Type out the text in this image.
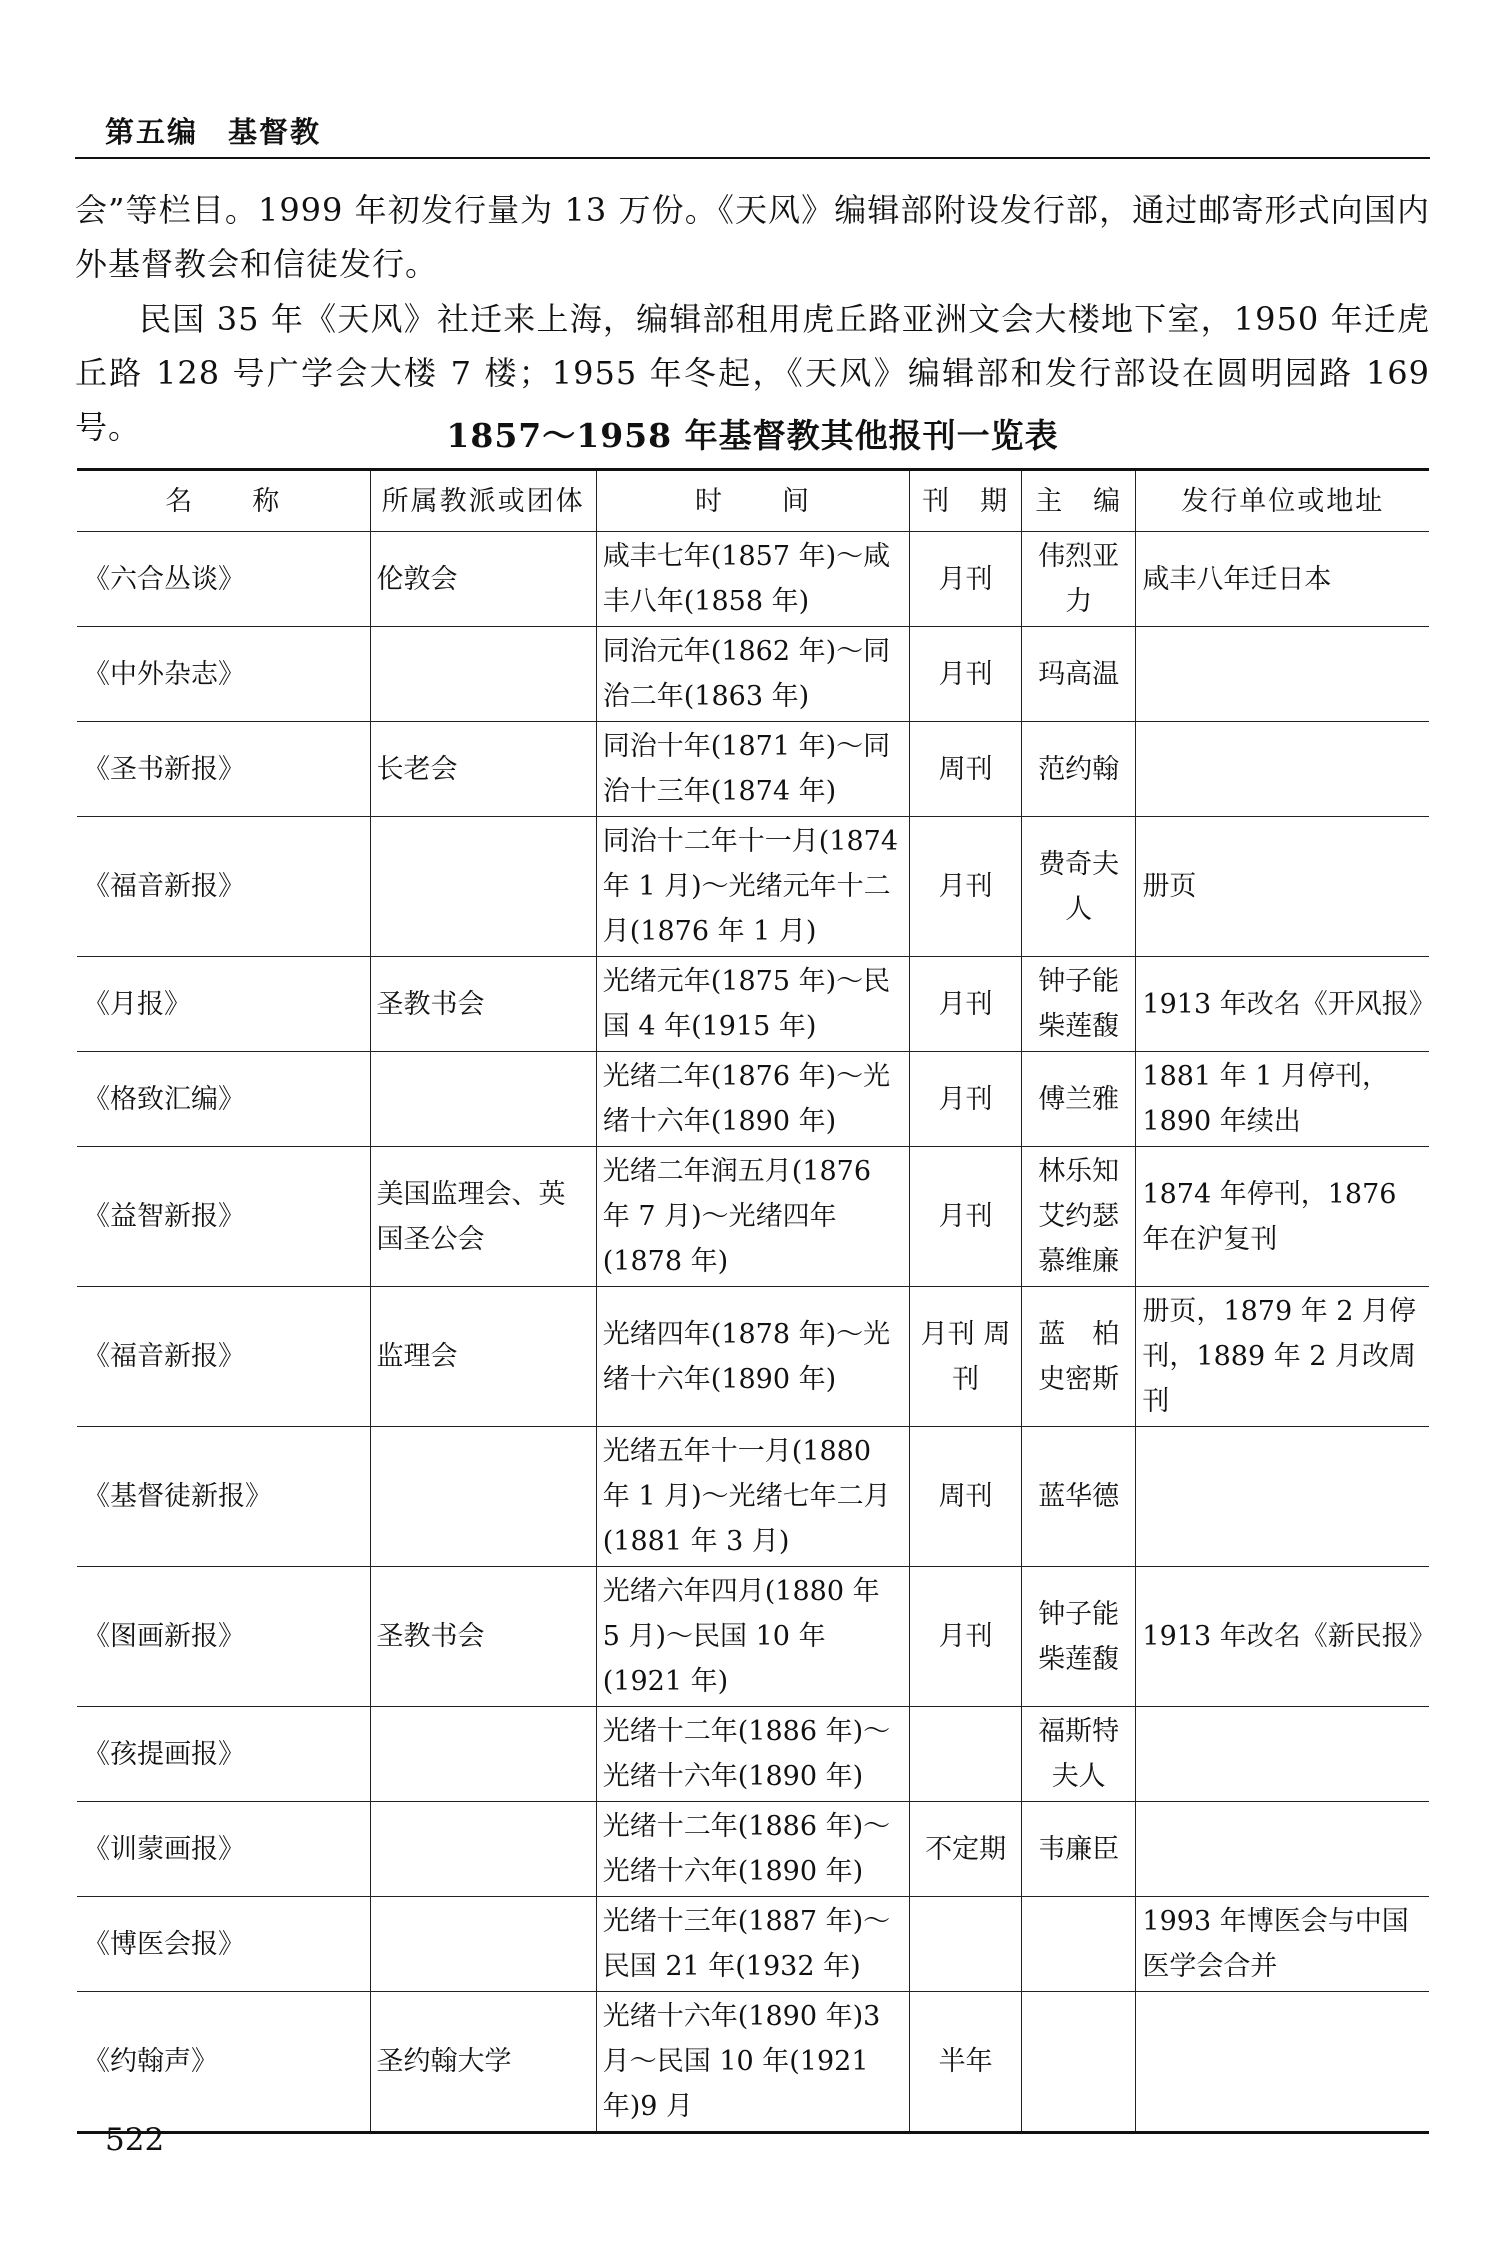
第五编 基督教

会”等栏目。1999 年初发行量为 13 万份。《天风》编辑部附设发行部，通过邮寄形式向国内外基督教会和信徒发行。

民国 35 年《天风》社迁来上海，编辑部租用虎丘路亚洲文会大楼地下室，1950 年迁虎丘路 128 号广学会大楼 7 楼；1955 年冬起，《天风》编辑部和发行部设在圆明园路 169 号。	1857～1958 年基督教其他报刊一览表
名　　称	所属教派或团体	时　　间	刊　期	主　编	发行单位或地址
《六合丛谈》	伦敦会	咸丰七年(1857 年)～咸丰八年(1858 年)	月刊	伟烈亚力	咸丰八年迁日本
《中外杂志》		同治元年(1862 年)～同治二年(1863 年)	月刊	玛高温	
《圣书新报》	长老会	同治十年(1871 年)～同治十三年(1874 年)	周刊	范约翰	
《福音新报》		同治十二年十一月(1874 年 1 月)～光绪元年十二月(1876 年 1 月)	月刊	费奇夫人	册页
《月报》	圣教书会	光绪元年(1875 年)～民国 4 年(1915 年)	月刊	钟子能 柴莲馥	1913 年改名《开风报》
《格致汇编》		光绪二年(1876 年)～光绪十六年(1890 年)	月刊	傅兰雅	1881 年 1 月停刊，1890 年续出
《益智新报》	美国监理会、英国圣公会	光绪二年润五月(1876 年 7 月)～光绪四年(1878 年)	月刊	林乐知 艾约瑟 慕维廉	1874 年停刊，1876 年在沪复刊
《福音新报》	监理会	光绪四年(1878 年)～光绪十六年(1890 年)	月刊 周刊	蓝　柏 史密斯	册页，1879 年 2 月停刊，1889 年 2 月改周刊
《基督徒新报》		光绪五年十一月(1880 年 1 月)～光绪七年二月(1881 年 3 月)	周刊	蓝华德	
《图画新报》	圣教书会	光绪六年四月(1880 年 5 月)～民国 10 年(1921 年)	月刊	钟子能 柴莲馥	1913 年改名《新民报》
《孩提画报》		光绪十二年(1886 年)～光绪十六年(1890 年)		福斯特夫人	
《训蒙画报》		光绪十二年(1886 年)～光绪十六年(1890 年)	不定期	韦廉臣	
《博医会报》		光绪十三年(1887 年)～民国 21 年(1932 年)			1993 年博医会与中国医学会合并
《约翰声》	圣约翰大学	光绪十六年(1890 年)3 月～民国 10 年(1921 年)9 月	半年		
522
